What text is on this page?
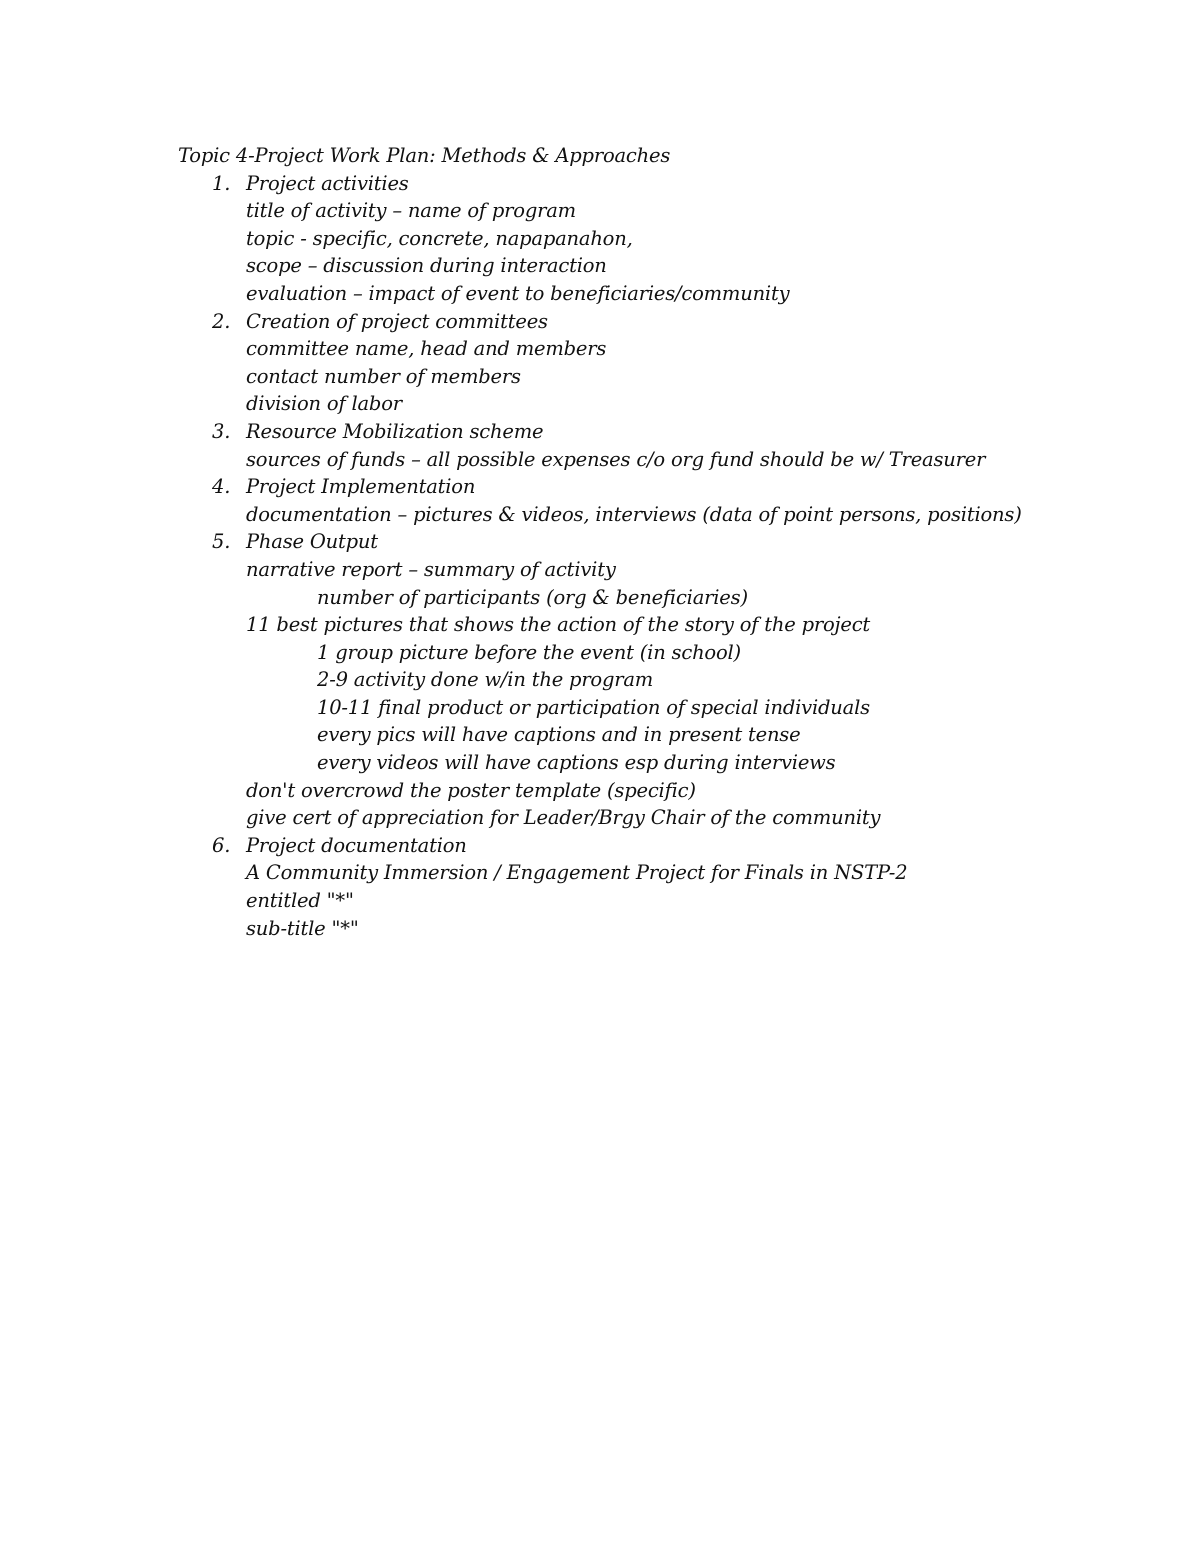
Topic 4-Project Work Plan: Methods & Approaches
1. Project activities
title of activity – name of program
topic - specific, concrete, napapanahon,
scope – discussion during interaction
evaluation – impact of event to beneficiaries/community
2. Creation of project committees
committee name, head and members
contact number of members
division of labor
3. Resource Mobilization scheme
sources of funds – all possible expenses c/o org fund should be w/ Treasurer
4. Project Implementation
documentation – pictures & videos, interviews (data of point persons, positions)
5. Phase Output
narrative report – summary of activity
number of participants (org & beneficiaries)
11 best pictures that shows the action of the story of the project
1 group picture before the event (in school)
2-9 activity done w/in the program
10-11 final product or participation of special individuals
every pics will have captions and in present tense
every videos will have captions esp during interviews
don't overcrowd the poster template (specific)
give cert of appreciation for Leader/Brgy Chair of the community
6. Project documentation
A Community Immersion / Engagement Project for Finals in NSTP-2
entitled "*"
sub-title "*"
